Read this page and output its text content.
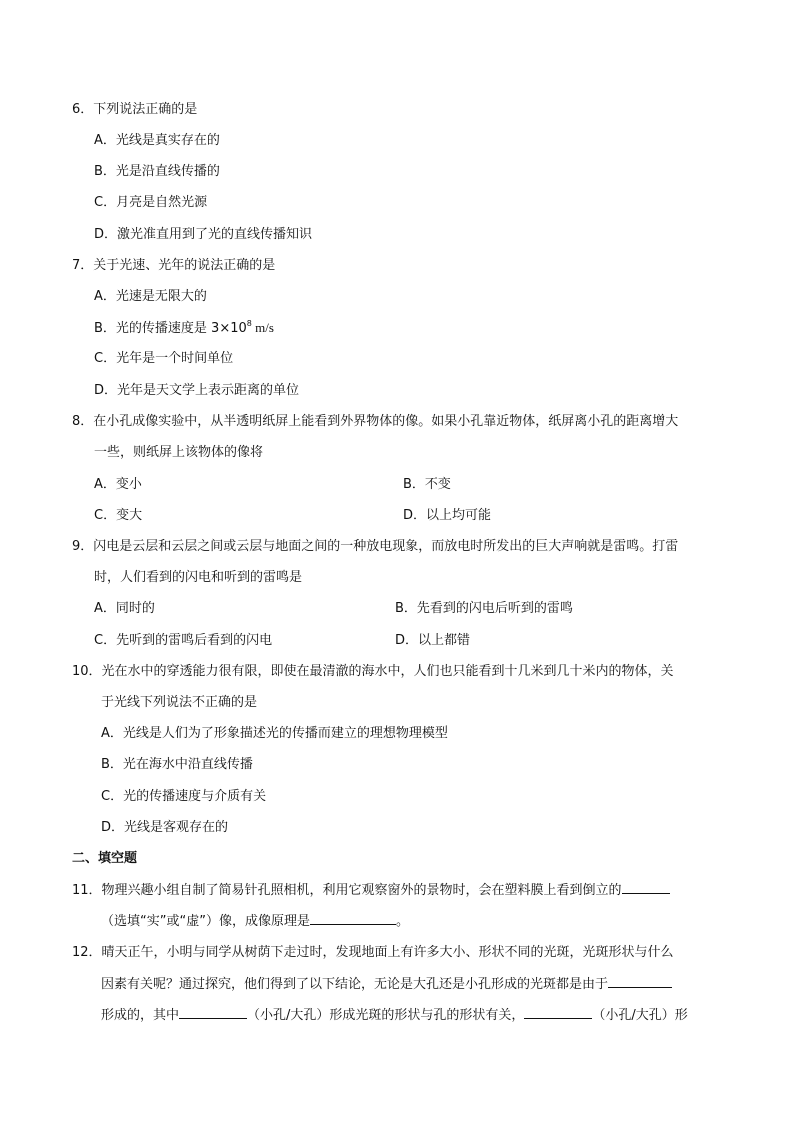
6．下列说法正确的是
A．光线是真实存在的
B．光是沿直线传播的
C．月亮是自然光源
D．激光准直用到了光的直线传播知识
7．关于光速、光年的说法正确的是
A．光速是无限大的
B．光的传播速度是 $3\times 10^8$ m/s
C．光年是一个时间单位
D．光年是天文学上表示距离的单位
8．在小孔成像实验中，从半透明纸屏上能看到外界物体的像。如果小孔靠近物体，纸屏离小孔的距离增大
一些，则纸屏上该物体的像将
A．变小	B．不变
C．变大	D．以上均可能
9．闪电是云层和云层之间或云层与地面之间的一种放电现象，而放电时所发出的巨大声响就是雷鸣。打雷
时，人们看到的闪电和听到的雷鸣是
A．同时的	B．先看到的闪电后听到的雷鸣
C．先听到的雷鸣后看到的闪电	D．以上都错
10．光在水中的穿透能力很有限，即使在最清澈的海水中，人们也只能看到十几米到几十米内的物体，关
于光线下列说法不正确的是
A．光线是人们为了形象描述光的传播而建立的理想物理模型
B．光在海水中沿直线传播
C．光的传播速度与介质有关
D．光线是客观存在的
二、填空题
11．物理兴趣小组自制了简易针孔照相机，利用它观察窗外的景物时，会在塑料膜上看到倒立的
（选填“实”或“虚”）像，成像原理是	。
12．晴天正午，小明与同学从树荫下走过时，发现地面上有许多大小、形状不同的光斑，光斑形状与什么
因素有关呢？通过探究，他们得到了以下结论，无论是大孔还是小孔形成的光斑都是由于
形成的，其中	（小孔/大孔）形成光斑的形状与孔的形状有关，	（小孔/大孔）形
